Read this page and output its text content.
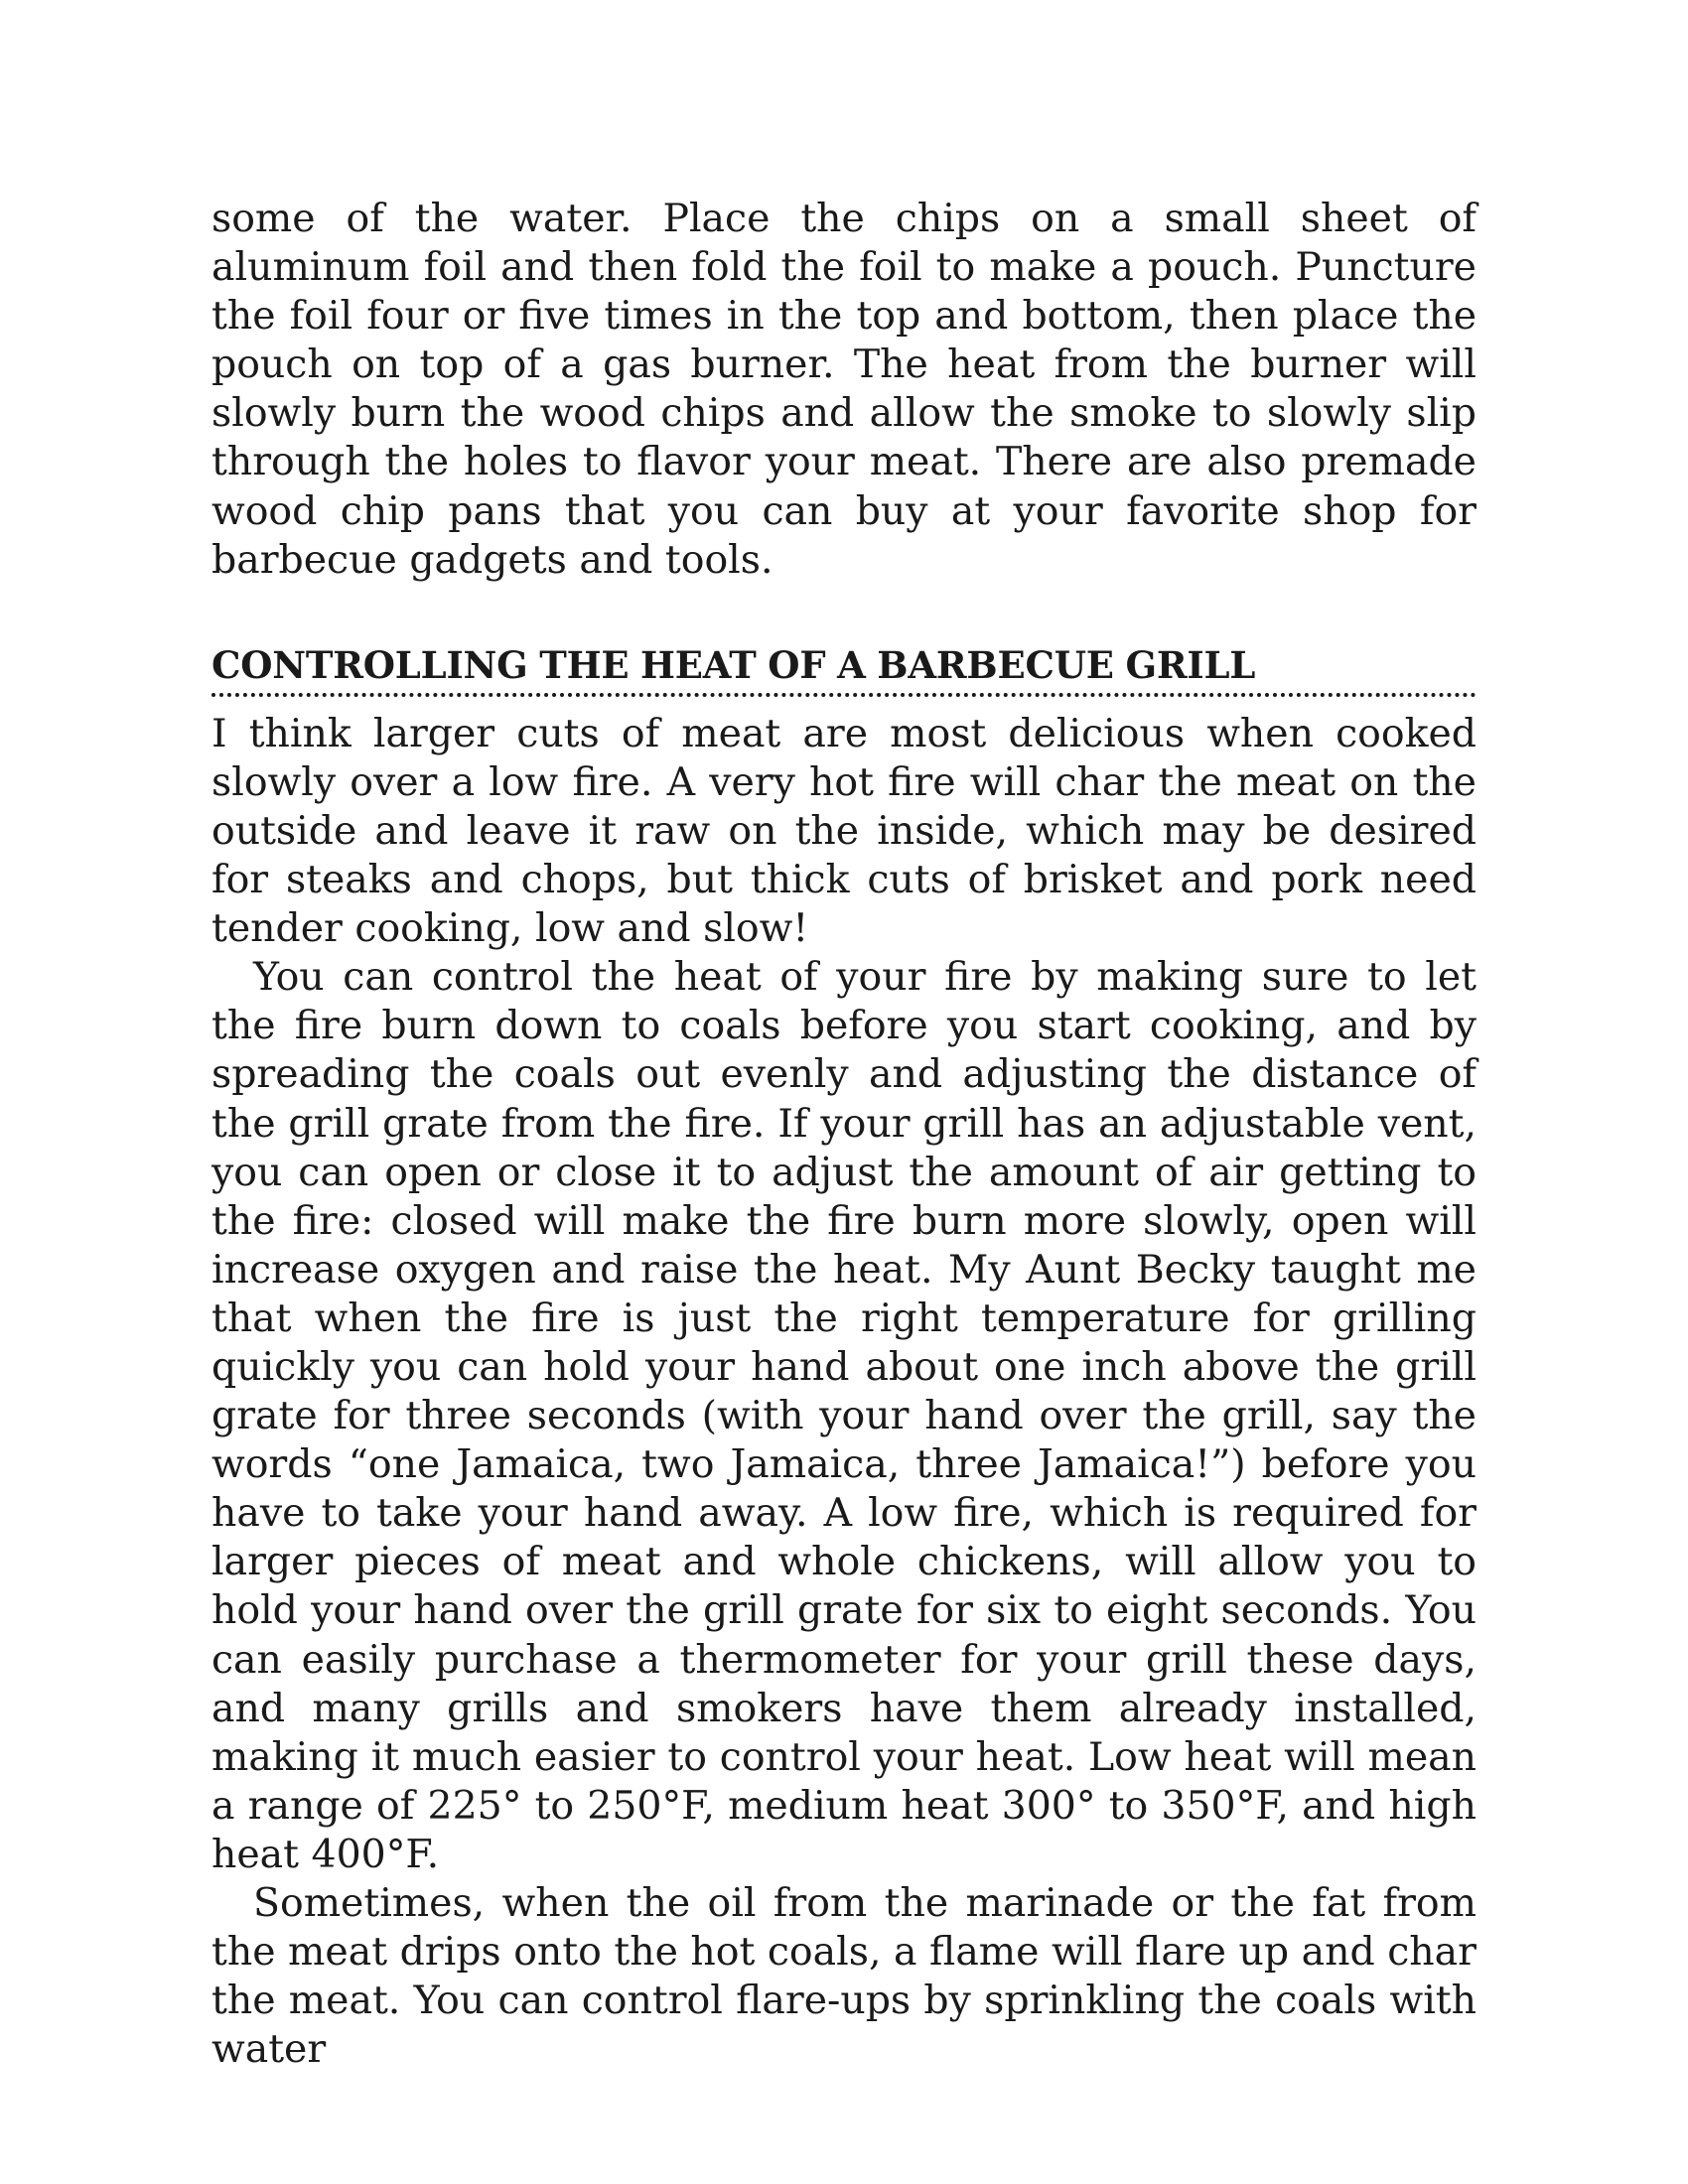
some of the water. Place the chips on a small sheet of aluminum foil and then fold the foil to make a pouch. Puncture the foil four or five times in the top and bottom, then place the pouch on top of a gas burner. The heat from the burner will slowly burn the wood chips and allow the smoke to slowly slip through the holes to flavor your meat. There are also premade wood chip pans that you can buy at your favorite shop for barbecue gadgets and tools.

CONTROLLING THE HEAT OF A BARBECUE GRILL

I think larger cuts of meat are most delicious when cooked slowly over a low fire. A very hot fire will char the meat on the outside and leave it raw on the inside, which may be desired for steaks and chops, but thick cuts of brisket and pork need tender cooking, low and slow!

You can control the heat of your fire by making sure to let the fire burn down to coals before you start cooking, and by spreading the coals out evenly and adjusting the distance of the grill grate from the fire. If your grill has an adjustable vent, you can open or close it to adjust the amount of air getting to the fire: closed will make the fire burn more slowly, open will increase oxygen and raise the heat. My Aunt Becky taught me that when the fire is just the right temperature for grilling quickly you can hold your hand about one inch above the grill grate for three seconds (with your hand over the grill, say the words “one Jamaica, two Jamaica, three Jamaica!”) before you have to take your hand away. A low fire, which is required for larger pieces of meat and whole chickens, will allow you to hold your hand over the grill grate for six to eight seconds. You can easily purchase a thermometer for your grill these days, and many grills and smokers have them already installed, making it much easier to control your heat. Low heat will mean a range of 225° to 250°F, medium heat 300° to 350°F, and high heat 400°F.

Sometimes, when the oil from the marinade or the fat from the meat drips onto the hot coals, a flame will flare up and char the meat. You can control flare-ups by sprinkling the coals with water
